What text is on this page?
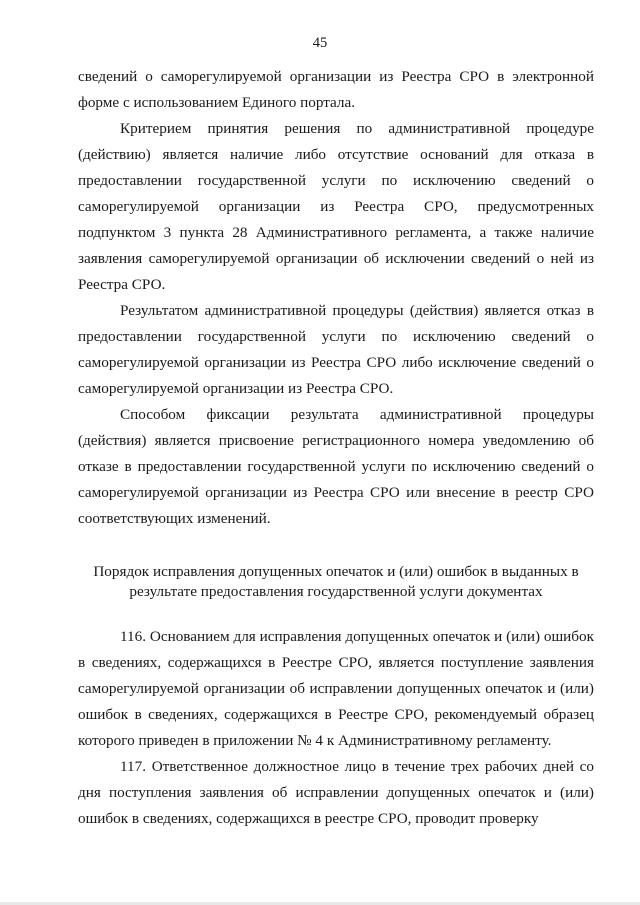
45

сведений о саморегулируемой организации из Реестра СРО в электронной форме с использованием Единого портала.

Критерием принятия решения по административной процедуре (действию) является наличие либо отсутствие оснований для отказа в предоставлении государственной услуги по исключению сведений о саморегулируемой организации из Реестра СРО, предусмотренных подпунктом 3 пункта 28 Административного регламента, а также наличие заявления саморегулируемой организации об исключении сведений о ней из Реестра СРО.

Результатом административной процедуры (действия) является отказ в предоставлении государственной услуги по исключению сведений о саморегулируемой организации из Реестра СРО либо исключение сведений о саморегулируемой организации из Реестра СРО.

Способом фиксации результата административной процедуры (действия) является присвоение регистрационного номера уведомлению об отказе в предоставлении государственной услуги по исключению сведений о саморегулируемой организации из Реестра СРО или внесение в реестр СРО соответствующих изменений.

Порядок исправления допущенных опечаток и (или) ошибок в выданных в результате предоставления государственной услуги документах

116. Основанием для исправления допущенных опечаток и (или) ошибок в сведениях, содержащихся в Реестре СРО, является поступление заявления саморегулируемой организации об исправлении допущенных опечаток и (или) ошибок в сведениях, содержащихся в Реестре СРО, рекомендуемый образец которого приведен в приложении № 4 к Административному регламенту.

117. Ответственное должностное лицо в течение трех рабочих дней со дня поступления заявления об исправлении допущенных опечаток и (или) ошибок в сведениях, содержащихся в реестре СРО, проводит проверку
